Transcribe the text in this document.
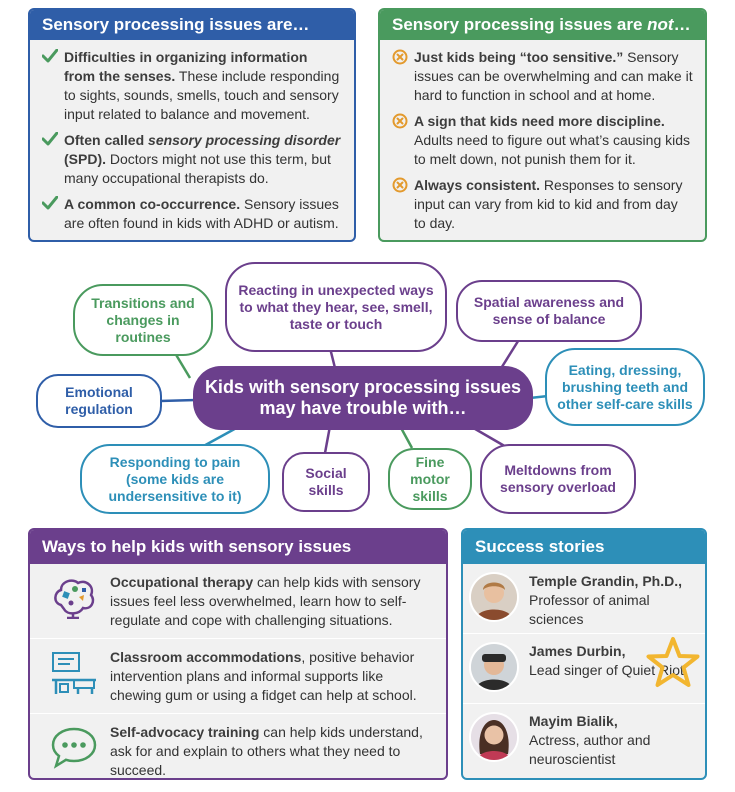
Sensory processing issues are…
Difficulties in organizing information from the senses. These include responding to sights, sounds, smells, touch and sensory input related to balance and movement.
Often called sensory processing disorder (SPD). Doctors might not use this term, but many occupational therapists do.
A common co-occurrence. Sensory issues are often found in kids with ADHD or autism.
Sensory processing issues are not…
Just kids being “too sensitive.” Sensory issues can be overwhelming and can make it hard to function in school and at home.
A sign that kids need more discipline. Adults need to figure out what’s causing kids to melt down, not punish them for it.
Always consistent. Responses to sensory input can vary from kid to kid and from day to day.
Transitions and changes in routines
Reacting in unexpected ways to what they hear, see, smell, taste or touch
Spatial awareness and sense of balance
Emotional regulation
Kids with sensory processing issues may have trouble with…
Eating, dressing, brushing teeth and other self-care skills
Responding to pain (some kids are undersensitive to it)
Social skills
Fine motor skills
Meltdowns from sensory overload
Ways to help kids with sensory issues
Occupational therapy can help kids with sensory issues feel less overwhelmed, learn how to self-regulate and cope with challenging situations.
Classroom accommodations, positive behavior intervention plans and informal supports like chewing gum or using a fidget can help at school.
Self-advocacy training can help kids understand, ask for and explain to others what they need to succeed.
Success stories
Temple Grandin, Ph.D.,
Professor of animal sciences
James Durbin,
Lead singer of Quiet Riot
Mayim Bialik,
Actress, author and neuroscientist
